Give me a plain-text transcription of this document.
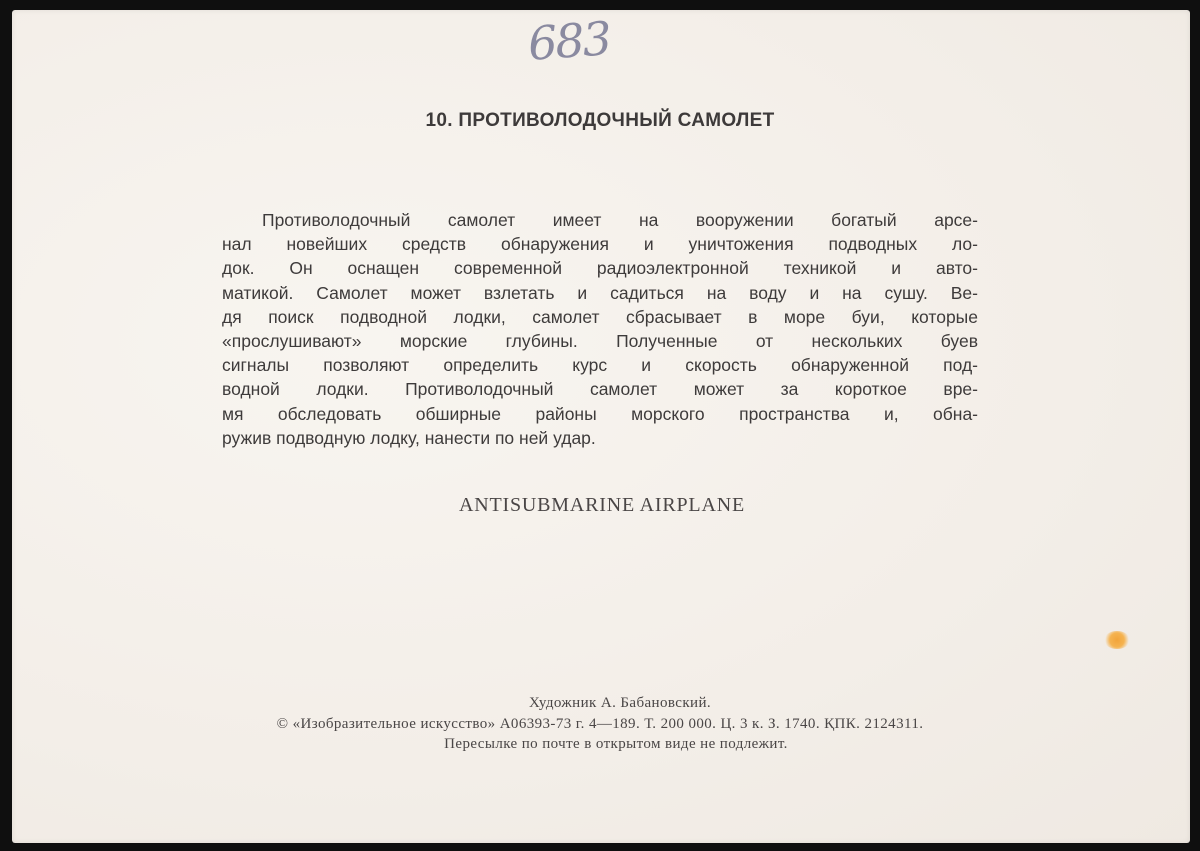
683
10. ПРОТИВОЛОДОЧНЫЙ САМОЛЕТ
Противолодочный самолет имеет на вооружении богатый арсе-
нал новейших средств обнаружения и уничтожения подводных ло-
док. Он оснащен современной радиоэлектронной техникой и авто-
матикой. Самолет может взлетать и садиться на воду и на сушу. Ве-
дя поиск подводной лодки, самолет сбрасывает в море буи, которые
«прослушивают» морские глубины. Полученные от нескольких буев
сигналы позволяют определить курс и скорость обнаруженной под-
водной лодки. Противолодочный самолет может за короткое вре-
мя обследовать обширные районы морского пространства и, обна-
ружив подводную лодку, нанести по ней удар.
ANTISUBMARINE AIRPLANE
Художник А. Бабановский.
© «Изобразительное искусство» А06393-73 г. 4—189. Т. 200 000. Ц. 3 к. З. 1740. ҚПК. 2124311.
Пересылке по почте в открытом виде не подлежит.
